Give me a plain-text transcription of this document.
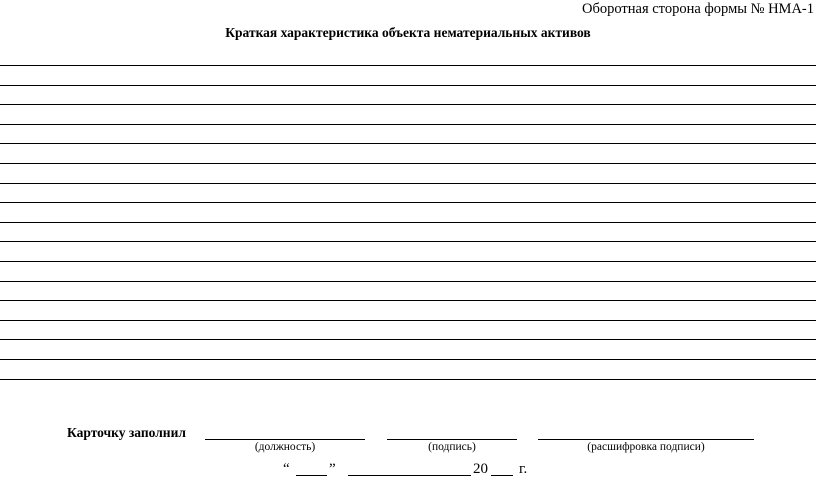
Оборотная сторона формы № НМА-1
Краткая характеристика объекта нематериальных активов
Карточку заполнил
(должность)	(подпись)	(расшифровка подписи)
“	”	20 г.
